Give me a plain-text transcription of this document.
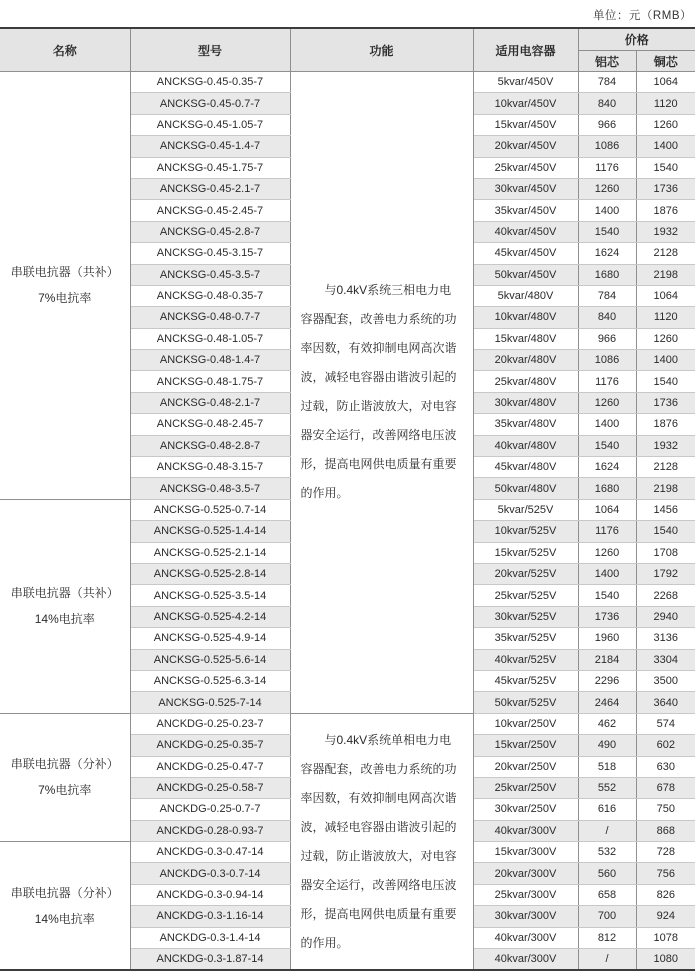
单位：元（RMB）
名称	型号	功能	适用电容器	价格	
				铝芯	铜芯

串联电抗器（共补）
7%电抗率	ANCKSG-0.45-0.35-7	与0.4kV系统三相电力电容器配套，改善电力系统的功率因数，有效抑制电网高次谐波，减轻电容器由谐波引起的过载，防止谐波放大，对电容器安全运行，改善网络电压波形，提高电网供电质量有重要的作用。	5kvar/450V	784	1064
	ANCKSG-0.45-0.7-7		10kvar/450V	840	1120
	ANCKSG-0.45-1.05-7		15kvar/450V	966	1260
	ANCKSG-0.45-1.4-7		20kvar/450V	1086	1400
	ANCKSG-0.45-1.75-7		25kvar/450V	1176	1540
	ANCKSG-0.45-2.1-7		30kvar/450V	1260	1736
	ANCKSG-0.45-2.45-7		35kvar/450V	1400	1876
	ANCKSG-0.45-2.8-7		40kvar/450V	1540	1932
	ANCKSG-0.45-3.15-7		45kvar/450V	1624	2128
	ANCKSG-0.45-3.5-7		50kvar/450V	1680	2198
	ANCKSG-0.48-0.35-7		5kvar/480V	784	1064
	ANCKSG-0.48-0.7-7		10kvar/480V	840	1120
	ANCKSG-0.48-1.05-7		15kvar/480V	966	1260
	ANCKSG-0.48-1.4-7		20kvar/480V	1086	1400
	ANCKSG-0.48-1.75-7		25kvar/480V	1176	1540
	ANCKSG-0.48-2.1-7		30kvar/480V	1260	1736
	ANCKSG-0.48-2.45-7		35kvar/480V	1400	1876
	ANCKSG-0.48-2.8-7		40kvar/480V	1540	1932
	ANCKSG-0.48-3.15-7		45kvar/480V	1624	2128
	ANCKSG-0.48-3.5-7		50kvar/480V	1680	2198

串联电抗器（共补）
14%电抗率	ANCKSG-0.525-0.7-14		5kvar/525V	1064	1456
	ANCKSG-0.525-1.4-14		10kvar/525V	1176	1540
	ANCKSG-0.525-2.1-14		15kvar/525V	1260	1708
	ANCKSG-0.525-2.8-14		20kvar/525V	1400	1792
	ANCKSG-0.525-3.5-14		25kvar/525V	1540	2268
	ANCKSG-0.525-4.2-14		30kvar/525V	1736	2940
	ANCKSG-0.525-4.9-14		35kvar/525V	1960	3136
	ANCKSG-0.525-5.6-14		40kvar/525V	2184	3304
	ANCKSG-0.525-6.3-14		45kvar/525V	2296	3500
	ANCKSG-0.525-7-14		50kvar/525V	2464	3640

串联电抗器（分补）
7%电抗率	ANCKDG-0.25-0.23-7	与0.4kV系统单相电力电容器配套，改善电力系统的功率因数，有效抑制电网高次谐波，减轻电容器由谐波引起的过载，防止谐波放大，对电容器安全运行，改善网络电压波形，提高电网供电质量有重要的作用。	10kvar/250V	462	574
	ANCKDG-0.25-0.35-7		15kvar/250V	490	602
	ANCKDG-0.25-0.47-7		20kvar/250V	518	630
	ANCKDG-0.25-0.58-7		25kvar/250V	552	678
	ANCKDG-0.25-0.7-7		30kvar/250V	616	750
	ANCKDG-0.28-0.93-7		40kvar/300V	/	868

串联电抗器（分补）
14%电抗率	ANCKDG-0.3-0.47-14		15kvar/300V	532	728
	ANCKDG-0.3-0.7-14		20kvar/300V	560	756
	ANCKDG-0.3-0.94-14		25kvar/300V	658	826
	ANCKDG-0.3-1.16-14		30kvar/300V	700	924
	ANCKDG-0.3-1.4-14		40kvar/300V	812	1078
	ANCKDG-0.3-1.87-14		40kvar/300V	/	1080
